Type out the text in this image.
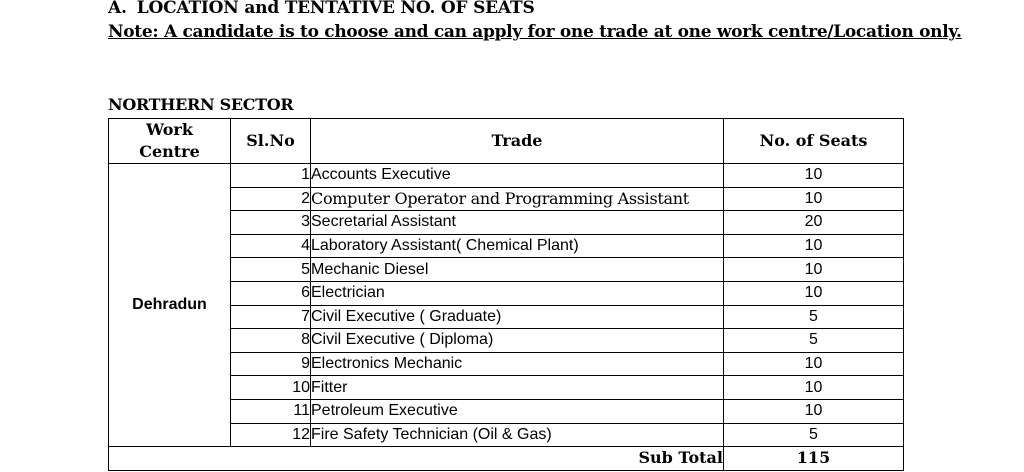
A. LOCATION and TENTATIVE NO. OF SEATS
Note: A candidate is to choose and can apply for one trade at one work centre/Location only.
NORTHERN SECTOR
Work Centre	Sl.No	Trade	No. of Seats
Dehradun	1	Accounts Executive	10
	2	Computer Operator and Programming Assistant	10
	3	Secretarial Assistant	20
	4	Laboratory Assistant( Chemical Plant)	10
	5	Mechanic Diesel	10
	6	Electrician	10
	7	Civil Executive ( Graduate)	5
	8	Civil Executive ( Diploma)	5
	9	Electronics Mechanic	10
	10	Fitter	10
	11	Petroleum Executive	10
	12	Fire Safety Technician (Oil & Gas)	5
Sub Total			115
